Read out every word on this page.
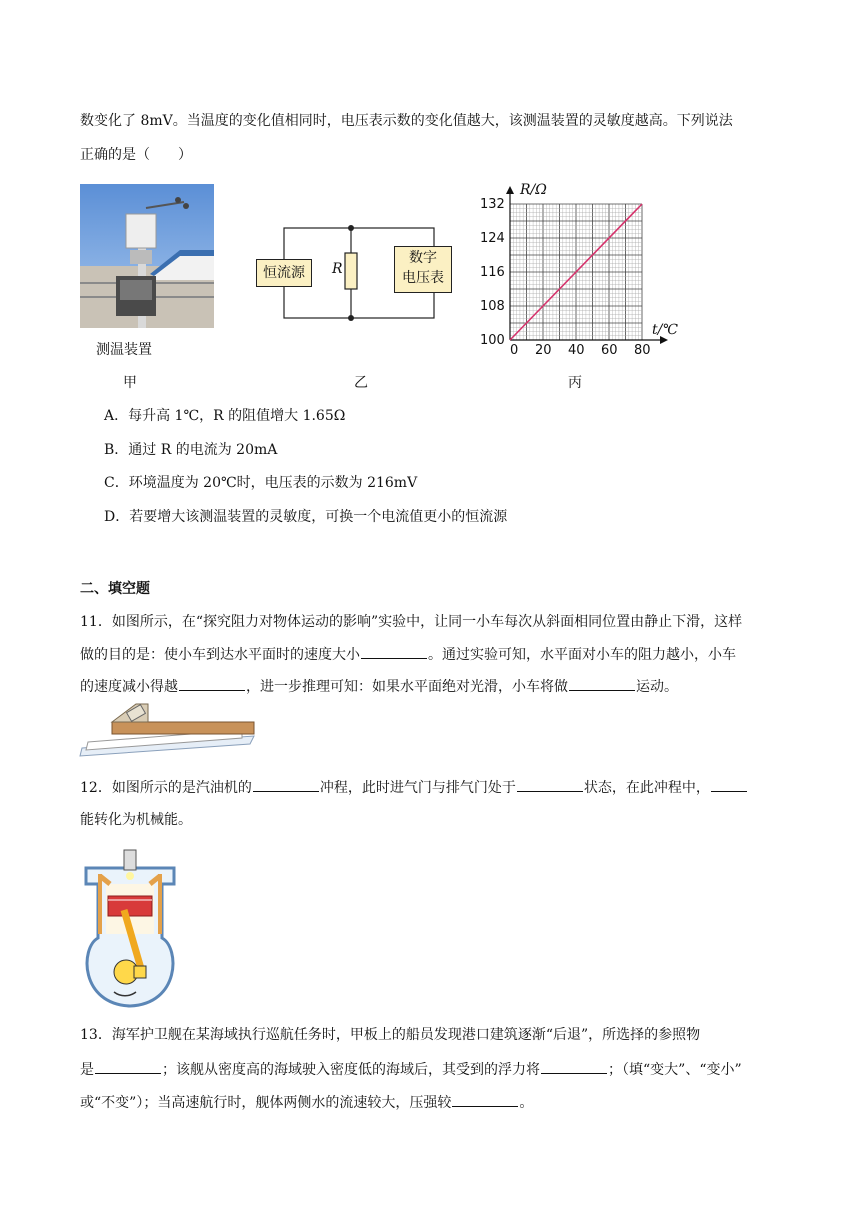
数变化了 8mV。当温度的变化值相同时，电压表示数的变化值越大，该测温装置的灵敏度越高。下列说法
正确的是（　　）
测温装置
甲
恒流源	R
数字
电压表
乙
0 20 40 60 80
100
108
116
124
132
R/Ω
t/℃
丙
A．每升高 1℃，R 的阻值增大 1.65Ω
B．通过 R 的电流为 20mA
C．环境温度为 20℃时，电压表的示数为 216mV
D．若要增大该测温装置的灵敏度，可换一个电流值更小的恒流源
二、填空题
11．如图所示，在“探究阻力对物体运动的影响”实验中，让同一小车每次从斜面相同位置由静止下滑，这样
做的目的是：使小车到达水平面时的速度大小	。通过实验可知，水平面对小车的阻力越小，小车
的速度减小得越	，进一步推理可知：如果水平面绝对光滑，小车将做	运动。
12．如图所示的是汽油机的	冲程，此时进气门与排气门处于	状态，在此冲程中，
能转化为机械能。
13．海军护卫舰在某海域执行巡航任务时，甲板上的船员发现港口建筑逐渐“后退”，所选择的参照物
是	；该舰从密度高的海域驶入密度低的海域后，其受到的浮力将	；（填“变大”、“变小”
或“不变”）；当高速航行时，舰体两侧水的流速较大，压强较	。
